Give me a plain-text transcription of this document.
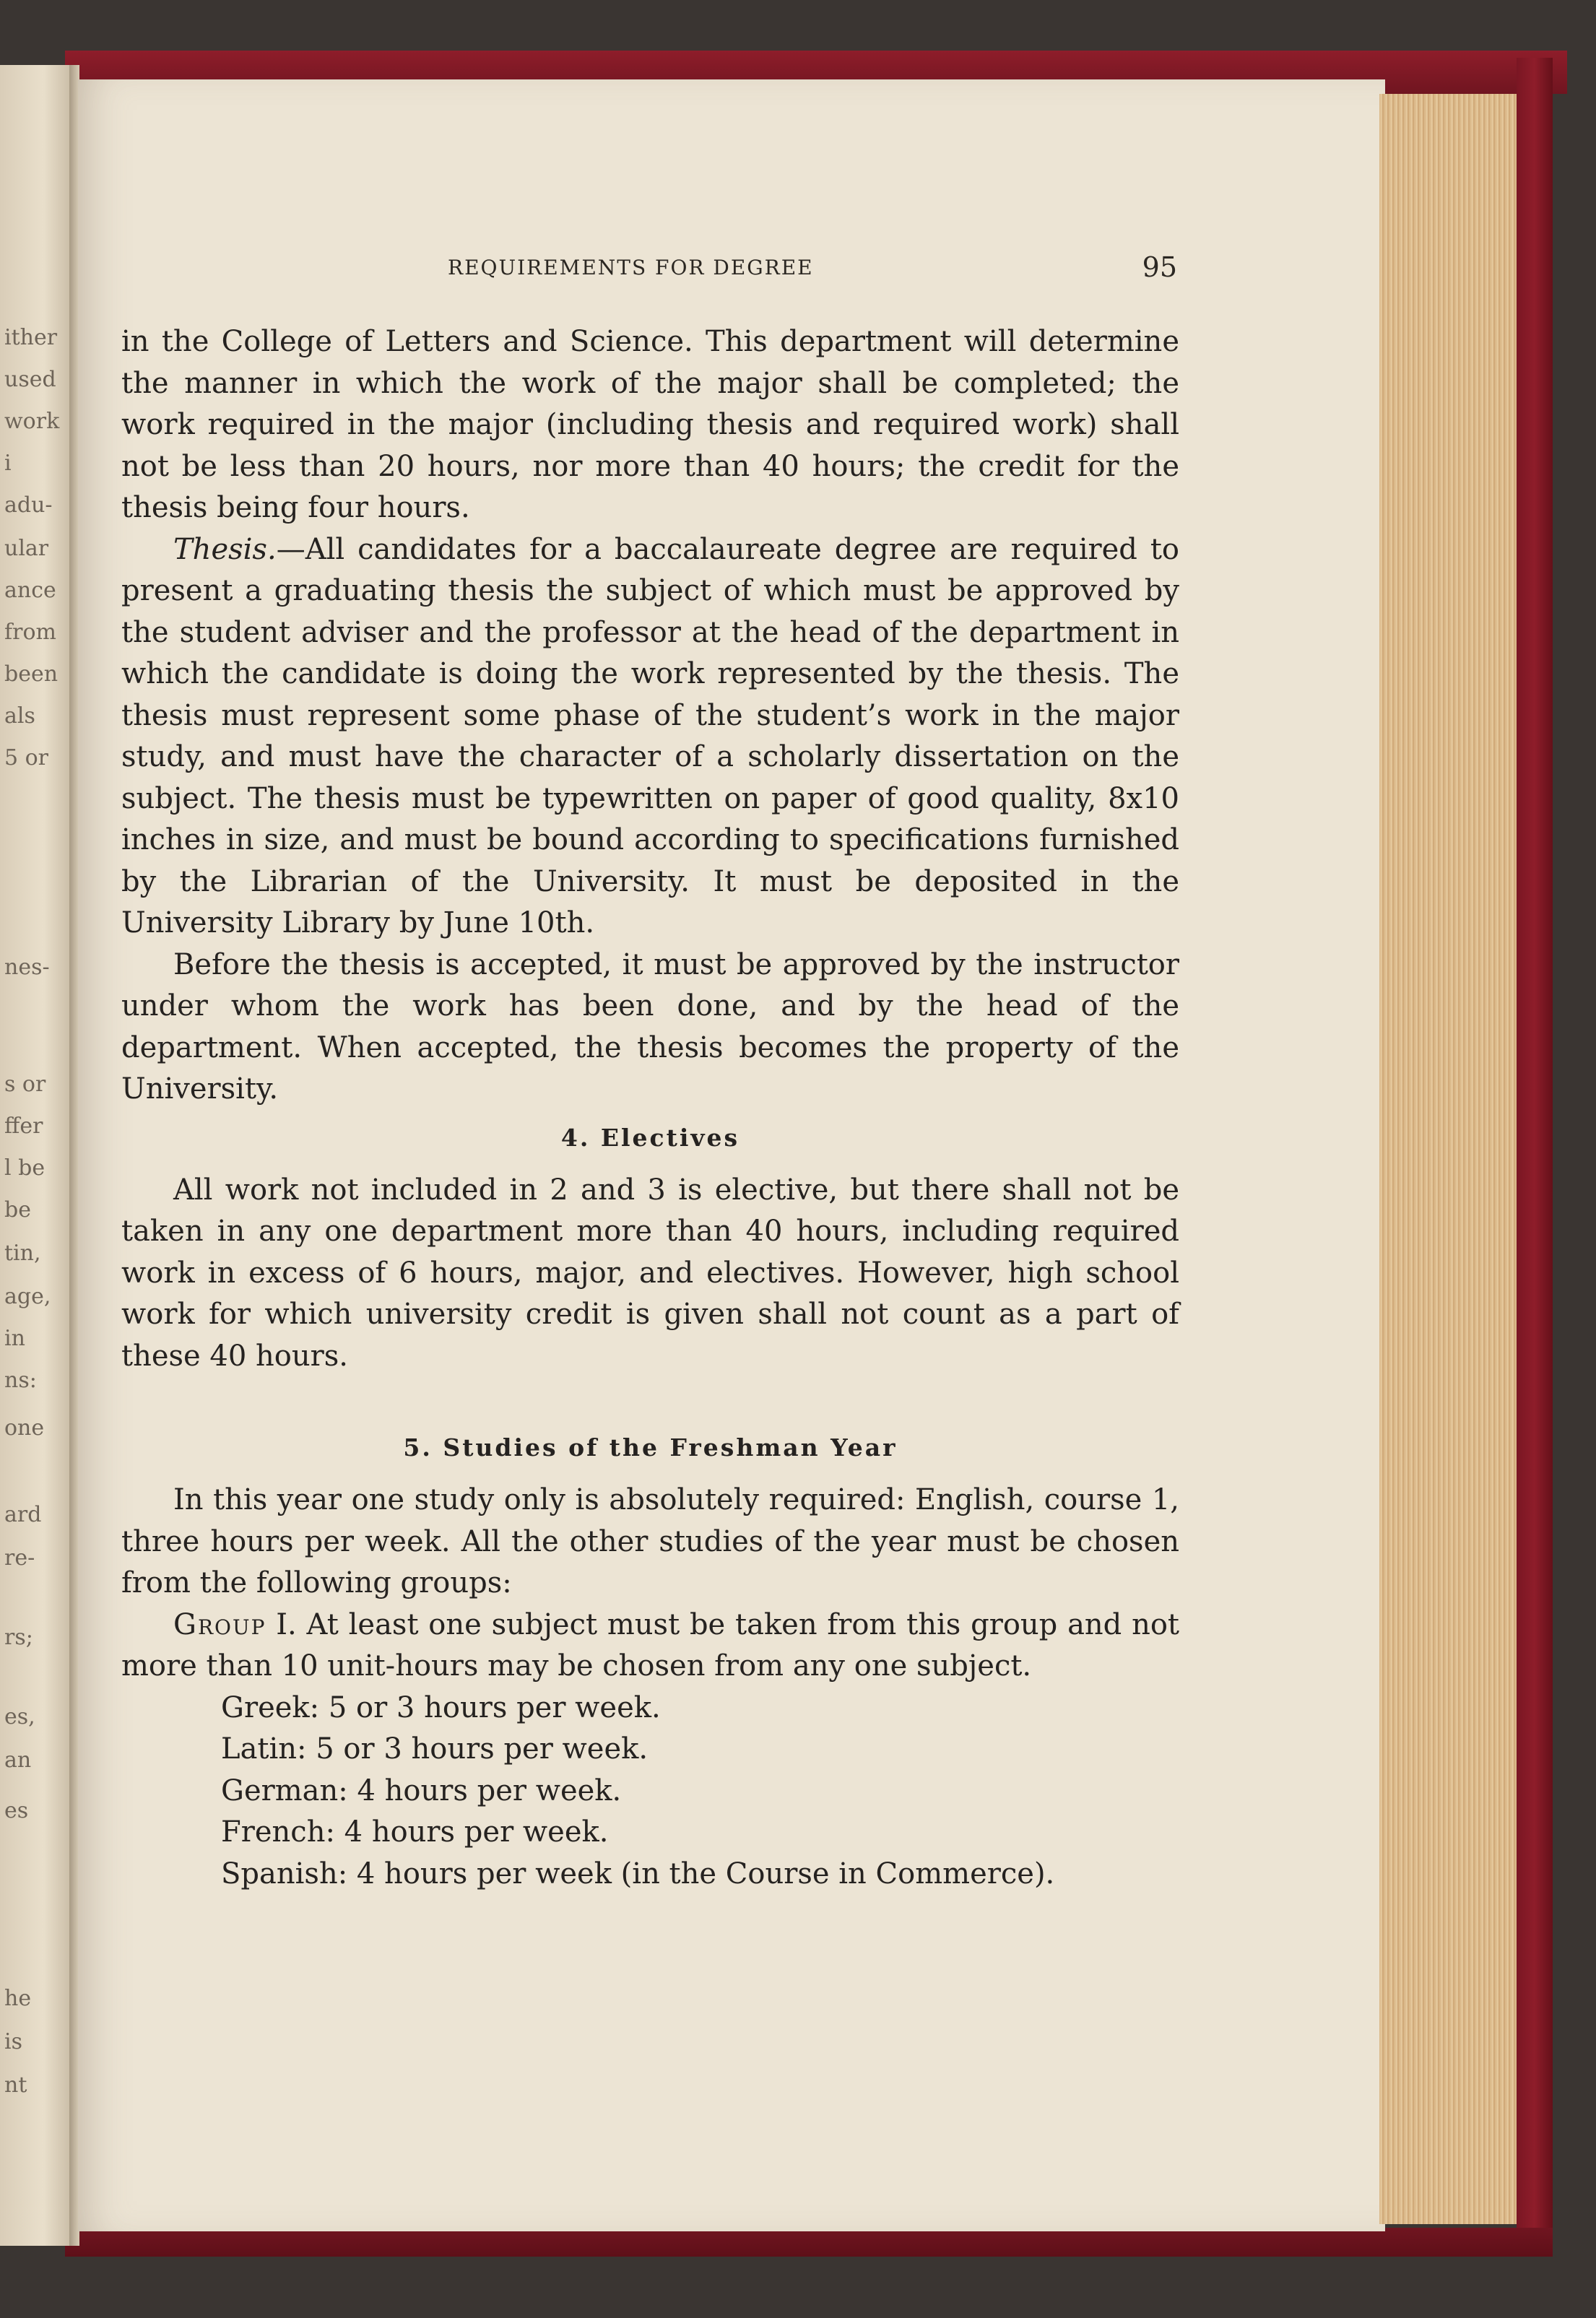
ither
used
work
i
adu-
ular
ance
from
been
als
5 or
nes-
s or
ffer
l be
be
tin,
age,
in
ns:
one
ard
re-
rs;
es,
an
es
he
is
nt
REQUIREMENTS FOR DEGREE	95

in the College of Letters and Science. This department will determine the manner in which the work of the major shall be completed; the work required in the major (including thesis and required work) shall not be less than 20 hours, nor more than 40 hours; the credit for the thesis being four hours.

Thesis.—All candidates for a baccalaureate degree are required to present a graduating thesis the subject of which must be approved by the student adviser and the professor at the head of the department in which the candidate is doing the work represented by the thesis. The thesis must represent some phase of the student’s work in the major study, and must have the character of a scholarly dissertation on the subject. The thesis must be typewritten on paper of good quality, 8x10 inches in size, and must be bound according to specifications furnished by the Librarian of the University. It must be deposited in the University Library by June 10th.

Before the thesis is accepted, it must be approved by the instructor under whom the work has been done, and by the head of the department. When accepted, the thesis becomes the property of the University.

4. Electives

All work not included in 2 and 3 is elective, but there shall not be taken in any one department more than 40 hours, including required work in excess of 6 hours, major, and electives. However, high school work for which university credit is given shall not count as a part of these 40 hours.

5. Studies of the Freshman Year

In this year one study only is absolutely required: English, course 1, three hours per week. All the other studies of the year must be chosen from the following groups:

Group I. At least one subject must be taken from this group and not more than 10 unit-hours may be chosen from any one subject.

Greek: 5 or 3 hours per week.
Latin: 5 or 3 hours per week.
German: 4 hours per week.
French: 4 hours per week.
Spanish: 4 hours per week (in the Course in Commerce).
